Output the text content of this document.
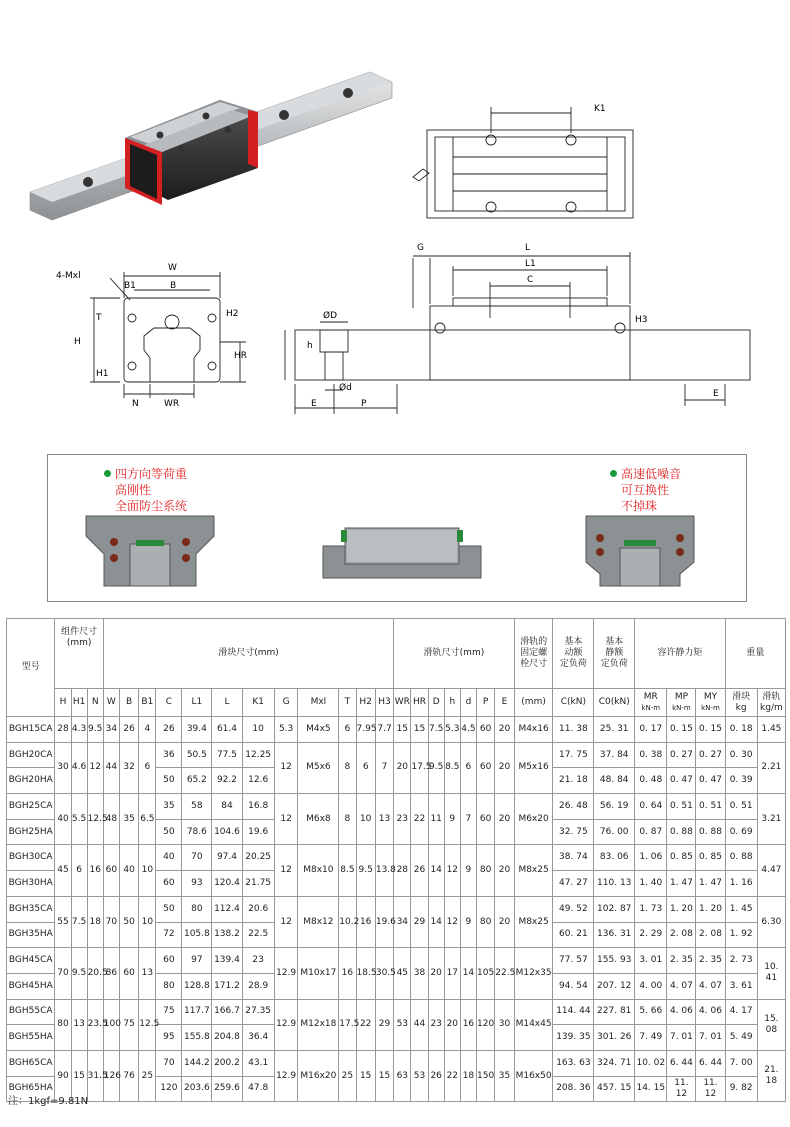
K1
4-Mxl
W
B1	B
T	H2
H
H1
N	WR
HR
G	L
L1
C
H3
ØD
h
Ød
E	P
E
四方向等荷重
高刚性
全面防尘系统
高速低噪音
可互换性
不掉珠
型号	组件尺寸
(mm)			滑块尺寸(mm)												滑轨尺寸(mm)							滑轨的
固定螺
栓尺寸	基本
动额
定负荷	基本
静额
定负荷	容许静力矩			重量	
	H	H1	N	W	B	B1	C	L1	L	K1	G	Mxl	T	H2	H3	WR	HR	D	h	d	P	E	(mm)	C(kN)	C0(kN)	MR
kN-m	MP
kN-m	MY
kN-m	滑块
kg	滑轨
kg/m
BGH15CA	28	4.3	9.5	34	26	4	26	39.4	61.4	10	5.3	M4x5	6	7.95	7.7	15	15	7.5	5.3	4.5	60	20	M4x16	11. 38	25. 31	0. 17	0. 15	0. 15	0. 18	1.45
BGH20CA	30	4.6	12	44	32	6	36	50.5	77.5	12.25	12	M5x6	8	6	7	20	17.5	9.5	8.5	6	60	20	M5x16	17. 75	37. 84	0. 38	0. 27	0. 27	0. 30	2.21
BGH20HA							50	65.2	92.2	12.6														21. 18	48. 84	0. 48	0. 47	0. 47	0. 39	
BGH25CA	40	5.5	12.5	48	35	6.5	35	58	84	16.8	12	M6x8	8	10	13	23	22	11	9	7	60	20	M6x20	26. 48	56. 19	0. 64	0. 51	0. 51	0. 51	3.21
BGH25HA							50	78.6	104.6	19.6														32. 75	76. 00	0. 87	0. 88	0. 88	0. 69	
BGH30CA	45	6	16	60	40	10	40	70	97.4	20.25	12	M8x10	8.5	9.5	13.8	28	26	14	12	9	80	20	M8x25	38. 74	83. 06	1. 06	0. 85	0. 85	0. 88	4.47
BGH30HA							60	93	120.4	21.75														47. 27	110. 13	1. 40	1. 47	1. 47	1. 16	
BGH35CA	55	7.5	18	70	50	10	50	80	112.4	20.6	12	M8x12	10.2	16	19.6	34	29	14	12	9	80	20	M8x25	49. 52	102. 87	1. 73	1. 20	1. 20	1. 45	6.30
BGH35HA							72	105.8	138.2	22.5														60. 21	136. 31	2. 29	2. 08	2. 08	1. 92	
BGH45CA	70	9.5	20.5	86	60	13	60	97	139.4	23	12.9	M10x17	16	18.5	30.5	45	38	20	17	14	105	22.5	M12x35	77. 57	155. 93	3. 01	2. 35	2. 35	2. 73	10. 41
BGH45HA							80	128.8	171.2	28.9														94. 54	207. 12	4. 00	4. 07	4. 07	3. 61	
BGH55CA	80	13	23.5	100	75	12.5	75	117.7	166.7	27.35	12.9	M12x18	17.5	22	29	53	44	23	20	16	120	30	M14x45	114. 44	227. 81	5. 66	4. 06	4. 06	4. 17	15. 08
BGH55HA							95	155.8	204.8	36.4														139. 35	301. 26	7. 49	7. 01	7. 01	5. 49	
BGH65CA	90	15	31.5	126	76	25	70	144.2	200.2	43.1	12.9	M16x20	25	15	15	63	53	26	22	18	150	35	M16x50	163. 63	324. 71	10. 02	6. 44	6. 44	7. 00	21. 18
BGH65HA							120	203.6	259.6	47.8														208. 36	457. 15	14. 15	11. 12	11. 12	9. 82	
注：1kgf=9.81N
